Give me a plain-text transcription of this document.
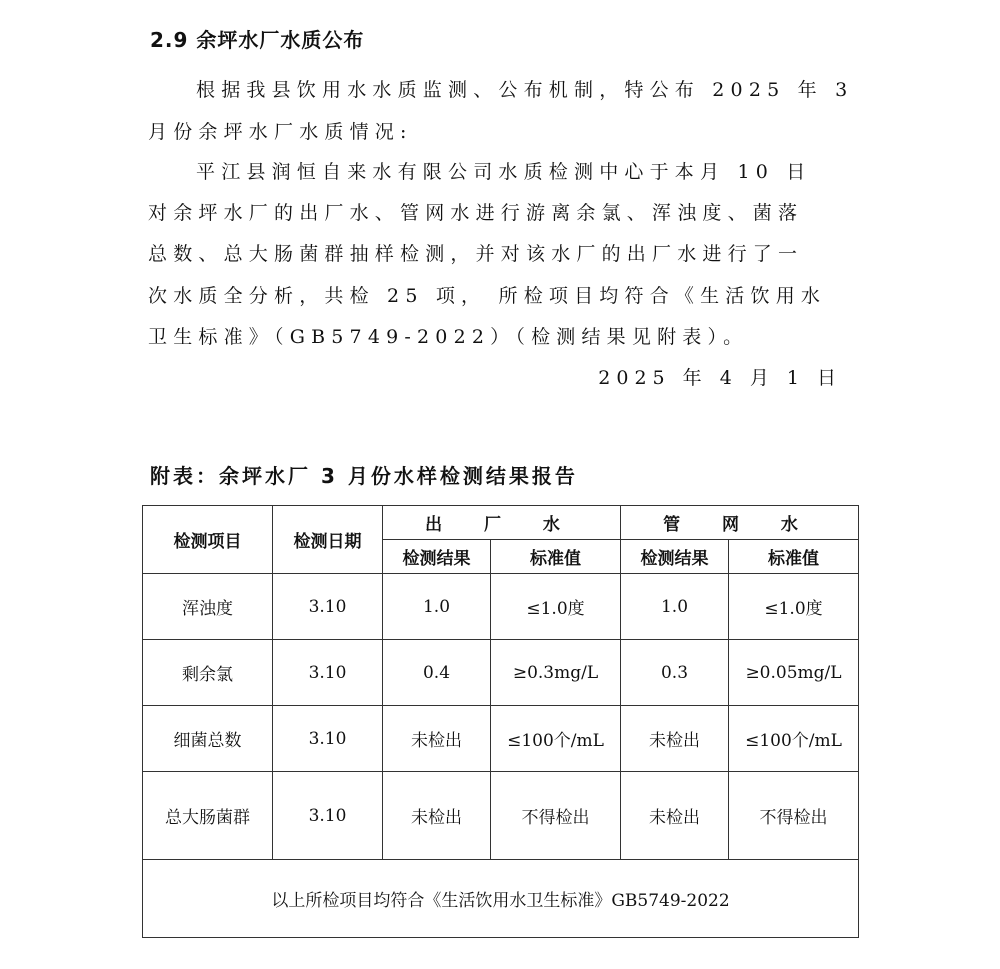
2.9 余坪水厂水质公布

根据我县饮用水水质监测、公布机制，特公布 2025 年 3

月份余坪水厂水质情况:

平江县润恒自来水有限公司水质检测中心于本月 10 日

对余坪水厂的出厂水、管网水进行游离余氯、浑浊度、菌落

总数、总大肠菌群抽样检测，并对该水厂的出厂水进行了一

次水质全分析，共检 25 项， 所检项目均符合《生活饮用水

卫生标准》（GB5749-2022）（检测结果见附表）。

2025 年 4 月 1 日

附表：余坪水厂 3 月份水样检测结果报告
检测项目	检测日期	出 厂 水		管 网 水	
		检测结果	标准值	检测结果	标准值
浑浊度	3.10	1.0	≤1.0度	1.0	≤1.0度
剩余氯	3.10	0.4	≥0.3mg/L	0.3	≥0.05mg/L
细菌总数	3.10	未检出	≤100个/mL	未检出	≤100个/mL
总大肠菌群	3.10	未检出	不得检出	未检出	不得检出
以上所检项目均符合《生活饮用水卫生标准》GB5749-2022					
